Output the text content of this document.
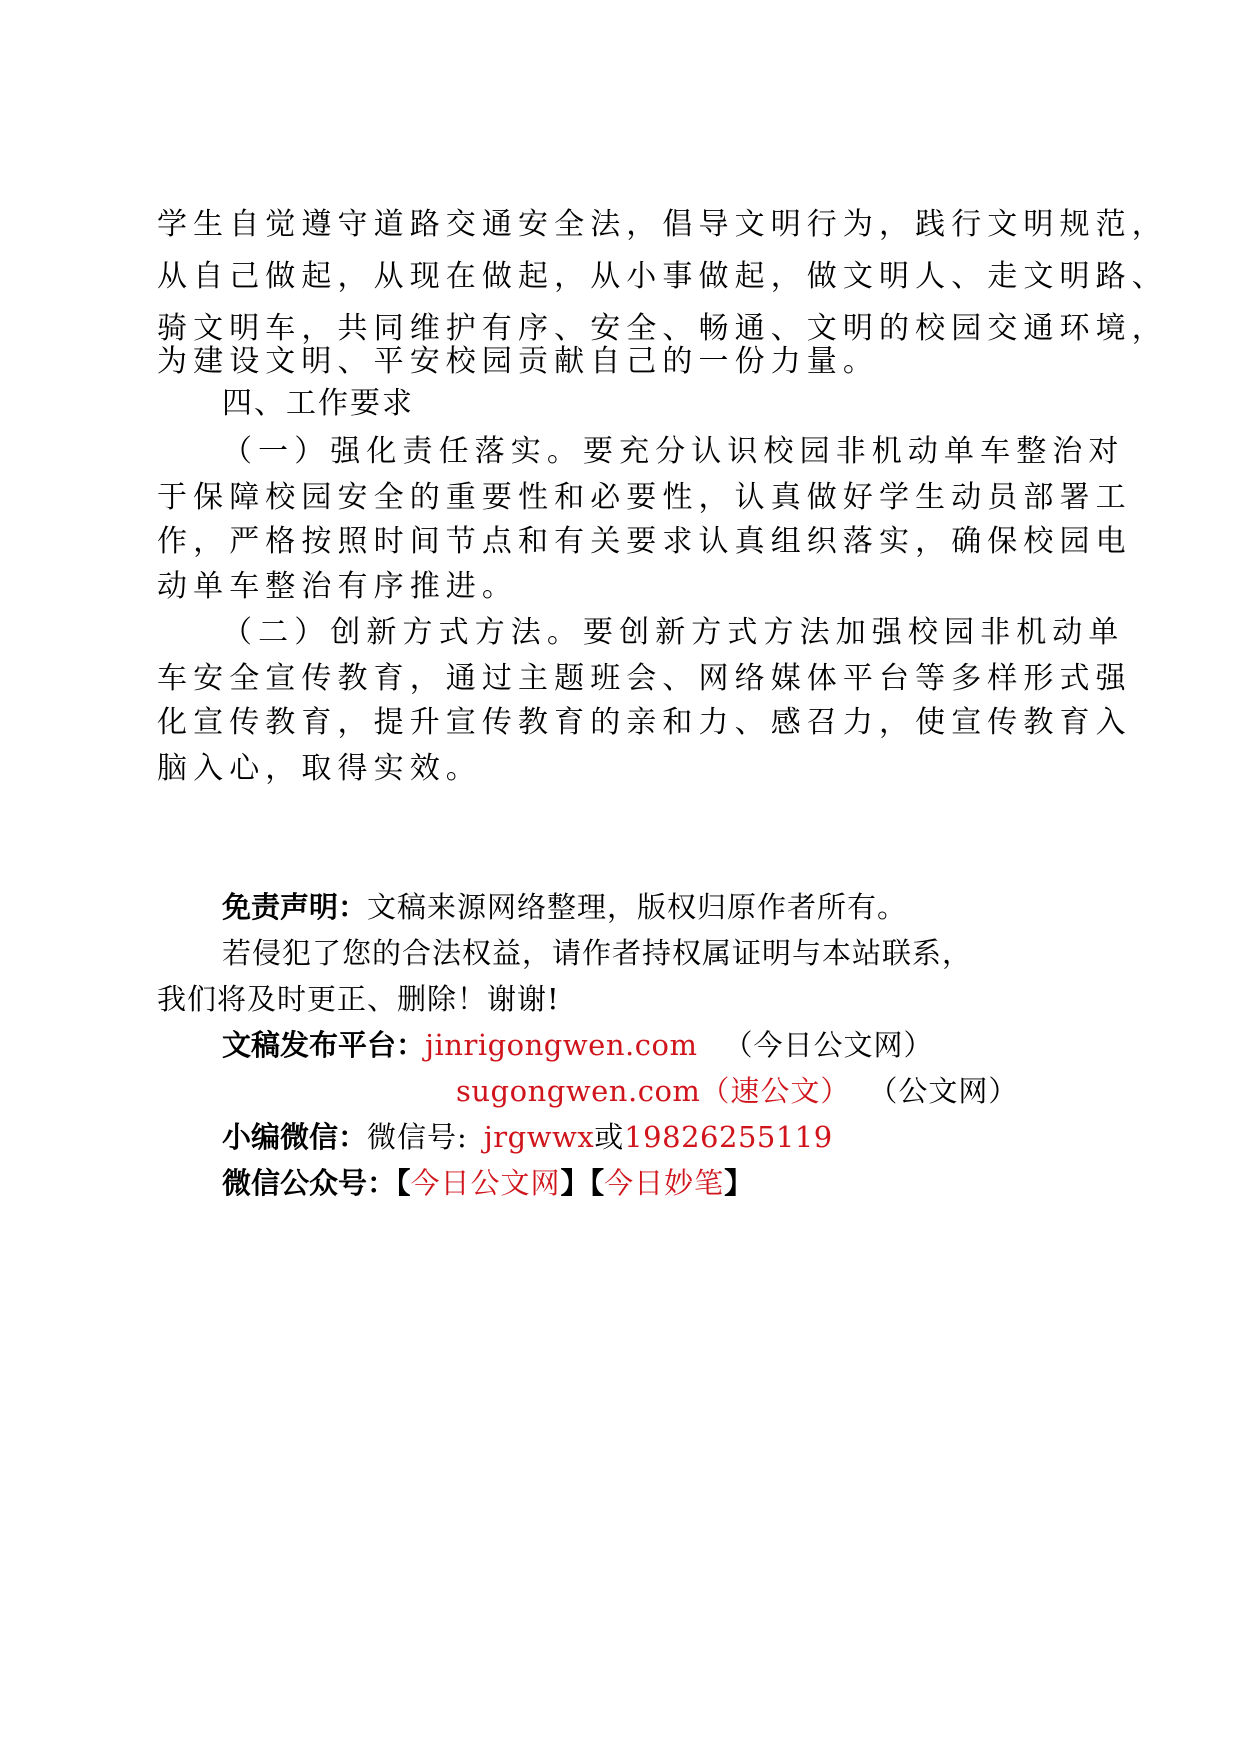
学生自觉遵守道路交通安全法，倡导文明行为，践行文明规范，
从自己做起，从现在做起，从小事做起，做文明人、走文明路、
骑文明车，共同维护有序、安全、畅通、文明的校园交通环境，
为建设文明、平安校园贡献自己的一份力量。
四、工作要求
（一）强化责任落实。要充分认识校园非机动单车整治对
于保障校园安全的重要性和必要性，认真做好学生动员部署工
作，严格按照时间节点和有关要求认真组织落实，确保校园电
动单车整治有序推进。
（二）创新方式方法。要创新方式方法加强校园非机动单
车安全宣传教育，通过主题班会、网络媒体平台等多样形式强
化宣传教育，提升宣传教育的亲和力、感召力，使宣传教育入
脑入心，取得实效。
免责声明：文稿来源网络整理，版权归原作者所有。
若侵犯了您的合法权益，请作者持权属证明与本站联系，
我们将及时更正、删除！谢谢!
文稿发布平台：jinrigongwen.com （今日公文网）
sugongwen.com（速公文） （公文网）
小编微信：微信号: jrgwwx或19826255119
微信公众号：【今日公文网】【今日妙笔】
